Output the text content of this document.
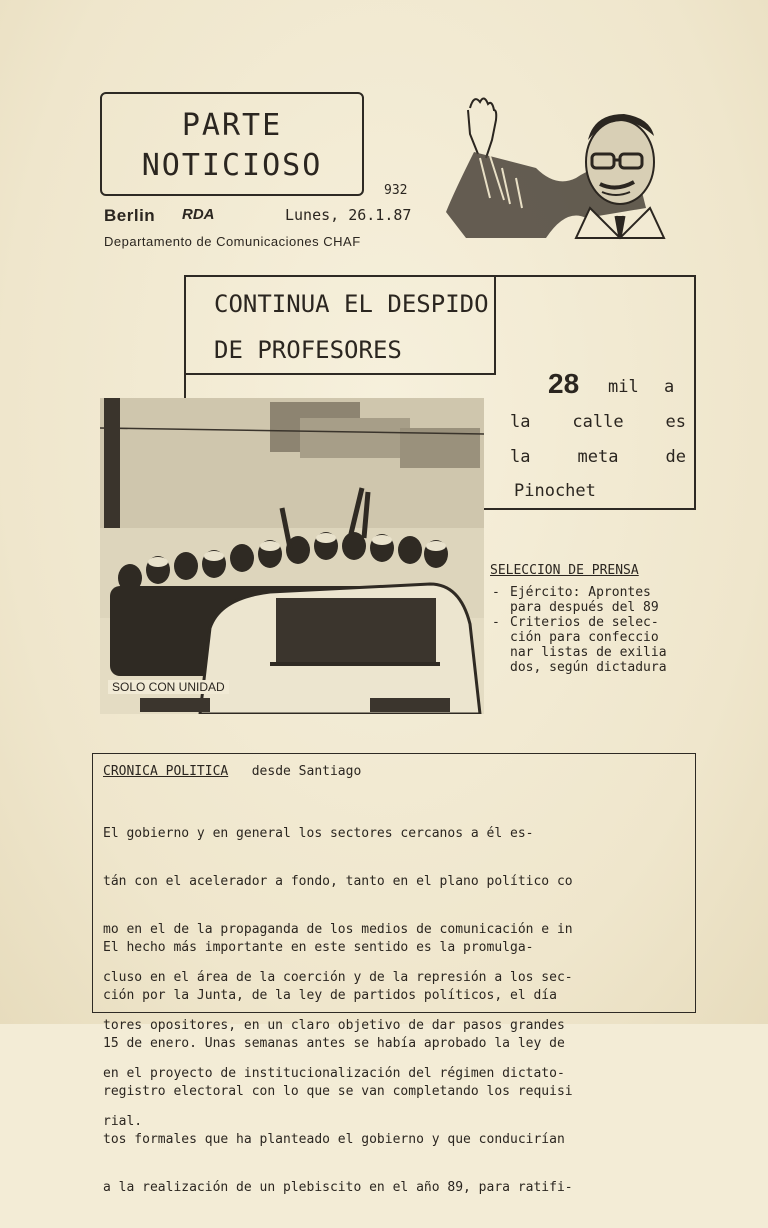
PARTE
NOTICIOSO
932
Berlin RDA	Lunes, 26.1.87
Departamento de Comunicaciones CHAF
CONTINUA EL DESPIDO
DE PROFESORES
28 mil a
la calle es
la	meta	de
Pinochet
SOLO CON UNIDAD
SELECCION DE PRENSA
- Ejército: Aprontes
para después del 89
- Criterios de selec-
ción para confeccio
nar listas de exilia
dos, según dictadura
CRONICA POLITICA desde Santiago

El gobierno y en general los sectores cercanos a él es-

tán con el acelerador a fondo, tanto en el plano político co

mo en el de la propaganda de los medios de comunicación e in

cluso en el área de la coerción y de la represión a los sec-

tores opositores, en un claro objetivo de dar pasos grandes

en el proyecto de institucionalización del régimen dictato-

rial.

El hecho más importante en este sentido es la promulga-

ción por la Junta, de la ley de partidos políticos, el día

15 de enero. Unas semanas antes se había aprobado la ley de

registro electoral con lo que se van completando los requisi

tos formales que ha planteado el gobierno y que conducirían

a la realización de un plebiscito en el año 89, para ratifi-
